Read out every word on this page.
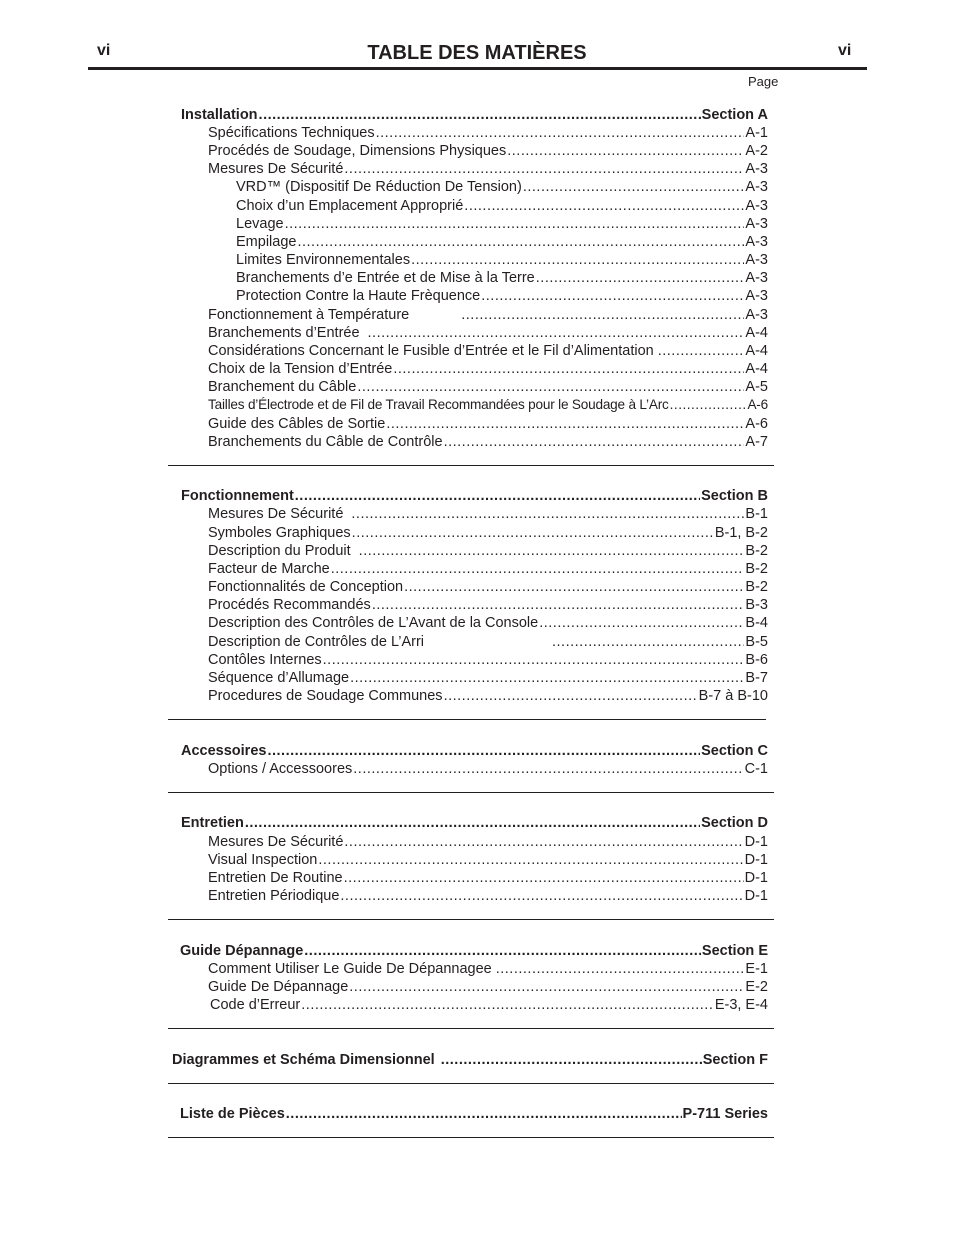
vi	TABLE DES MATIÈRES	vi
Page
Installation .....	Section A
Spécifications Techniques .....	A-1
Procédés de Soudage, Dimensions Physiques .....	A-2
Mesures De Sécurité .....	A-3
VRD™ (Dispositif De Réduction De Tension) .....	A-3
Choix d’un Emplacement Approprié .....	A-3
Levage .....	A-3
Empilage .....	A-3
Limites Environnementales .....	A-3
Branchements d’e Entrée et de Mise à la Terre .....	A-3
Protection Contre la Haute Frèquence .....	A-3
Fonctionnement à Température .....	A-3
Branchements d’Entrée .....	A-4
Considérations Concernant le Fusible d’Entrée et le Fil d’Alimentation .....	A-4
Choix de la Tension d’Entrée .....	A-4
Branchement du Câble .....	A-5
Tailles d’Électrode et de Fil de Travail Recommandées pour le Soudage à L’Arc .....	A-6
Guide des Câbles de Sortie .....	A-6
Branchements du Câble de Contrôle .....	A-7
Fonctionnement .....	Section B
Mesures De Sécurité .....	B-1
Symboles Graphiques .....	B-1, B-2
Description du Produit .....	B-2
Facteur de Marche .....	B-2
Fonctionnalités de Conception .....	B-2
Procédés Recommandés .....	B-3
Description des Contrôles de L’Avant de la Console .....	B-4
Description de Contrôles de L’Arri .....	B-5
Contôles Internes .....	B-6
Séquence d’Allumage .....	B-7
Procedures de Soudage Communes .....	B-7 à B-10
Accessoires .....	Section C
Options / Accessoores .....	C-1
Entretien .....	Section D
Mesures De Sécurité .....	D-1
Visual Inspection .....	D-1
Entretien De Routine .....	D-1
Entretien Périodique .....	D-1
Guide Dépannage .....	Section E
Comment Utiliser Le Guide De Dépannagee .....	E-1
Guide De Dépannage .....	E-2
Code d’Erreur .....	E-3, E-4
Diagrammes et Schéma Dimensionnel .....	Section F
Liste de Pièces .....	P-711 Series
